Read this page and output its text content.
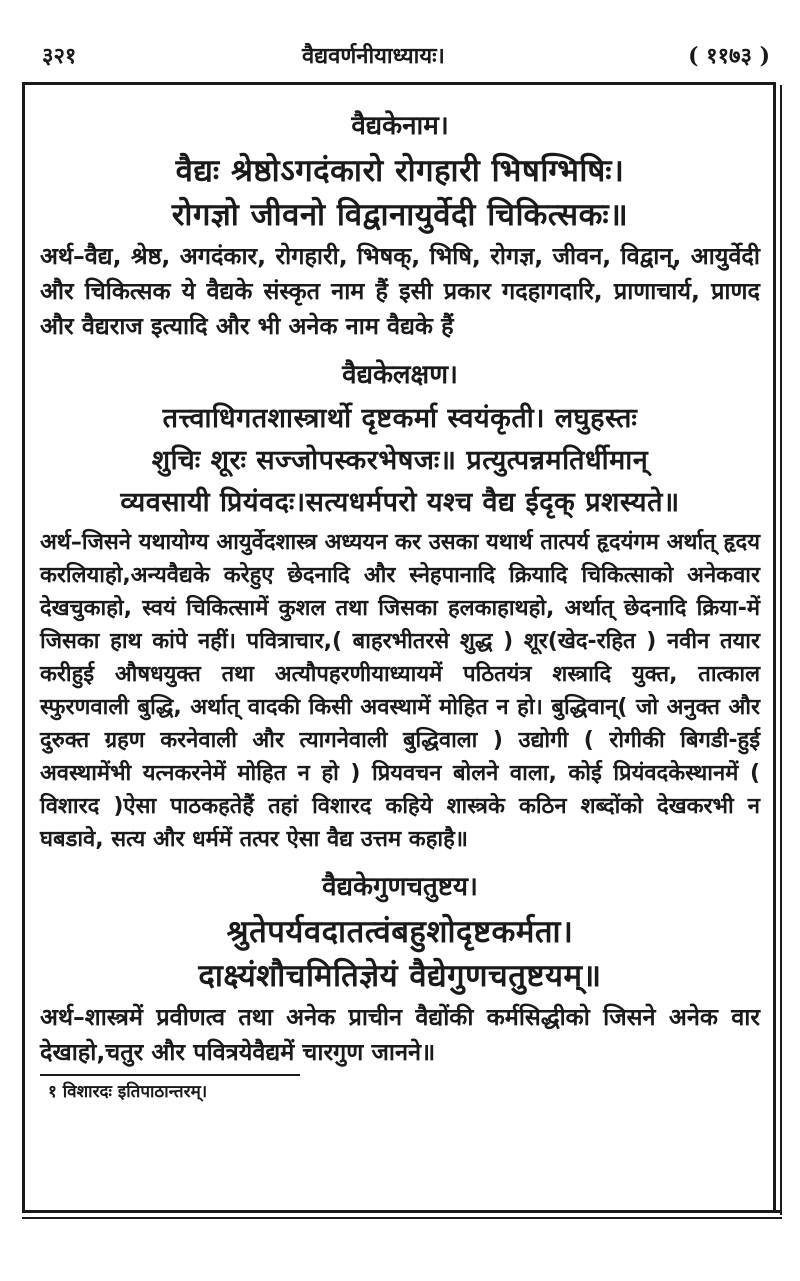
३२१	वैद्यवर्णनीयाध्यायः।	( ११७३ )
वैद्यकेनाम।

वैद्यः श्रेष्ठोऽगदंकारो रोगहारी भिषग्भिषिः।

रोगज्ञो जीवनो विद्वानायुर्वेदी चिकित्सकः॥

अर्थ–वैद्य, श्रेष्ठ, अगदंकार, रोगहारी, भिषक्, भिषि, रोगज्ञ, जीवन, विद्वान्, आयुर्वेदी और चिकित्सक ये वैद्यके संस्कृत नाम हैं इसी प्रकार गदहागदारि, प्राणाचार्य, प्राणद और वैद्यराज इत्यादि और भी अनेक नाम वैद्यके हैं

वैद्यकेलक्षण।

तत्त्वाधिगतशास्त्रार्थो दृष्टकर्मा स्वयंकृती। लघुहस्तः

शुचिः शूरः सज्जोपस्करभेषजः॥ प्रत्युत्पन्नमतिर्धीमान्

व्यवसायी प्रियंवदः।सत्यधर्मपरो यश्च वैद्य ईदृक् प्रशस्यते॥

अर्थ–जिसने यथायोग्य आयुर्वेदशास्त्र अध्ययन कर उसका यथार्थ तात्पर्य हृदयंगम अर्थात् हृदय करलियाहो,अन्यवैद्यके करेहुए छेदनादि और स्नेहपानादि क्रियादि चिकित्साको अनेकवार देखचुकाहो, स्वयं चिकित्सामें कुशल तथा जिसका हलकाहाथहो, अर्थात् छेदनादि क्रिया-में जिसका हाथ कांपे नहीं। पवित्राचार,( बाहरभीतरसे शुद्ध ) शूर(खेद-रहित ) नवीन तयार करीहुई औषधयुक्त तथा अत्यौपहरणीयाध्यायमें पठितयंत्र शस्त्रादि युक्त, तात्काल स्फुरणवाली बुद्धि, अर्थात् वादकी किसी अवस्थामें मोहित न हो। बुद्धिवान्( जो अनुक्त और दुरुक्त ग्रहण करनेवाली और त्यागनेवाली बुद्धिवाला ) उद्योगी ( रोगीकी बिगडी-हुई अवस्थामेंभी यत्नकरनेमें मोहित न हो ) प्रियवचन बोलने वाला, कोई प्रियंवदकेस्थानमें ( विशारद )ऐसा पाठकहतेहैं तहां विशारद कहिये शास्त्रके कठिन शब्दोंको देखकरभी न घबडावे, सत्य और धर्ममें तत्पर ऐसा वैद्य उत्तम कहाहै॥

वैद्यकेगुणचतुष्टय।

श्रुतेपर्यवदातत्वंबहुशोदृष्टकर्मता।

दाक्ष्यंशौचमितिज्ञेयं वैद्येगुणचतुष्टयम्॥

अर्थ–शास्त्रमें प्रवीणत्व तथा अनेक प्राचीन वैद्योंकी कर्मसिद्धीको जिसने अनेक वार देखाहो,चतुर और पवित्रयेवैद्यमें चारगुण जानने॥

१ विशारदः इतिपाठान्तरम्।
